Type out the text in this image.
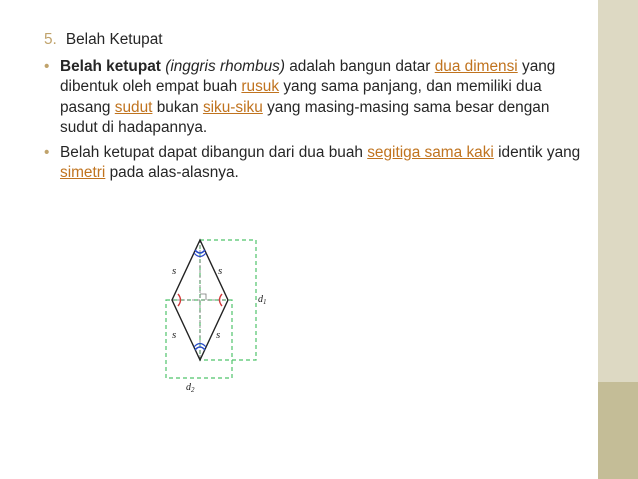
5. Belah Ketupat
• Belah ketupat (inggris rhombus) adalah bangun datar dua dimensi yang dibentuk oleh empat buah rusuk yang sama panjang, dan memiliki dua pasang sudut bukan siku-siku yang masing-masing sama besar dengan sudut di hadapannya.
• Belah ketupat dapat dibangun dari dua buah segitiga sama kaki identik yang simetri pada alas-alasnya.
s	s
s	s
$d_1$
$d_2$
